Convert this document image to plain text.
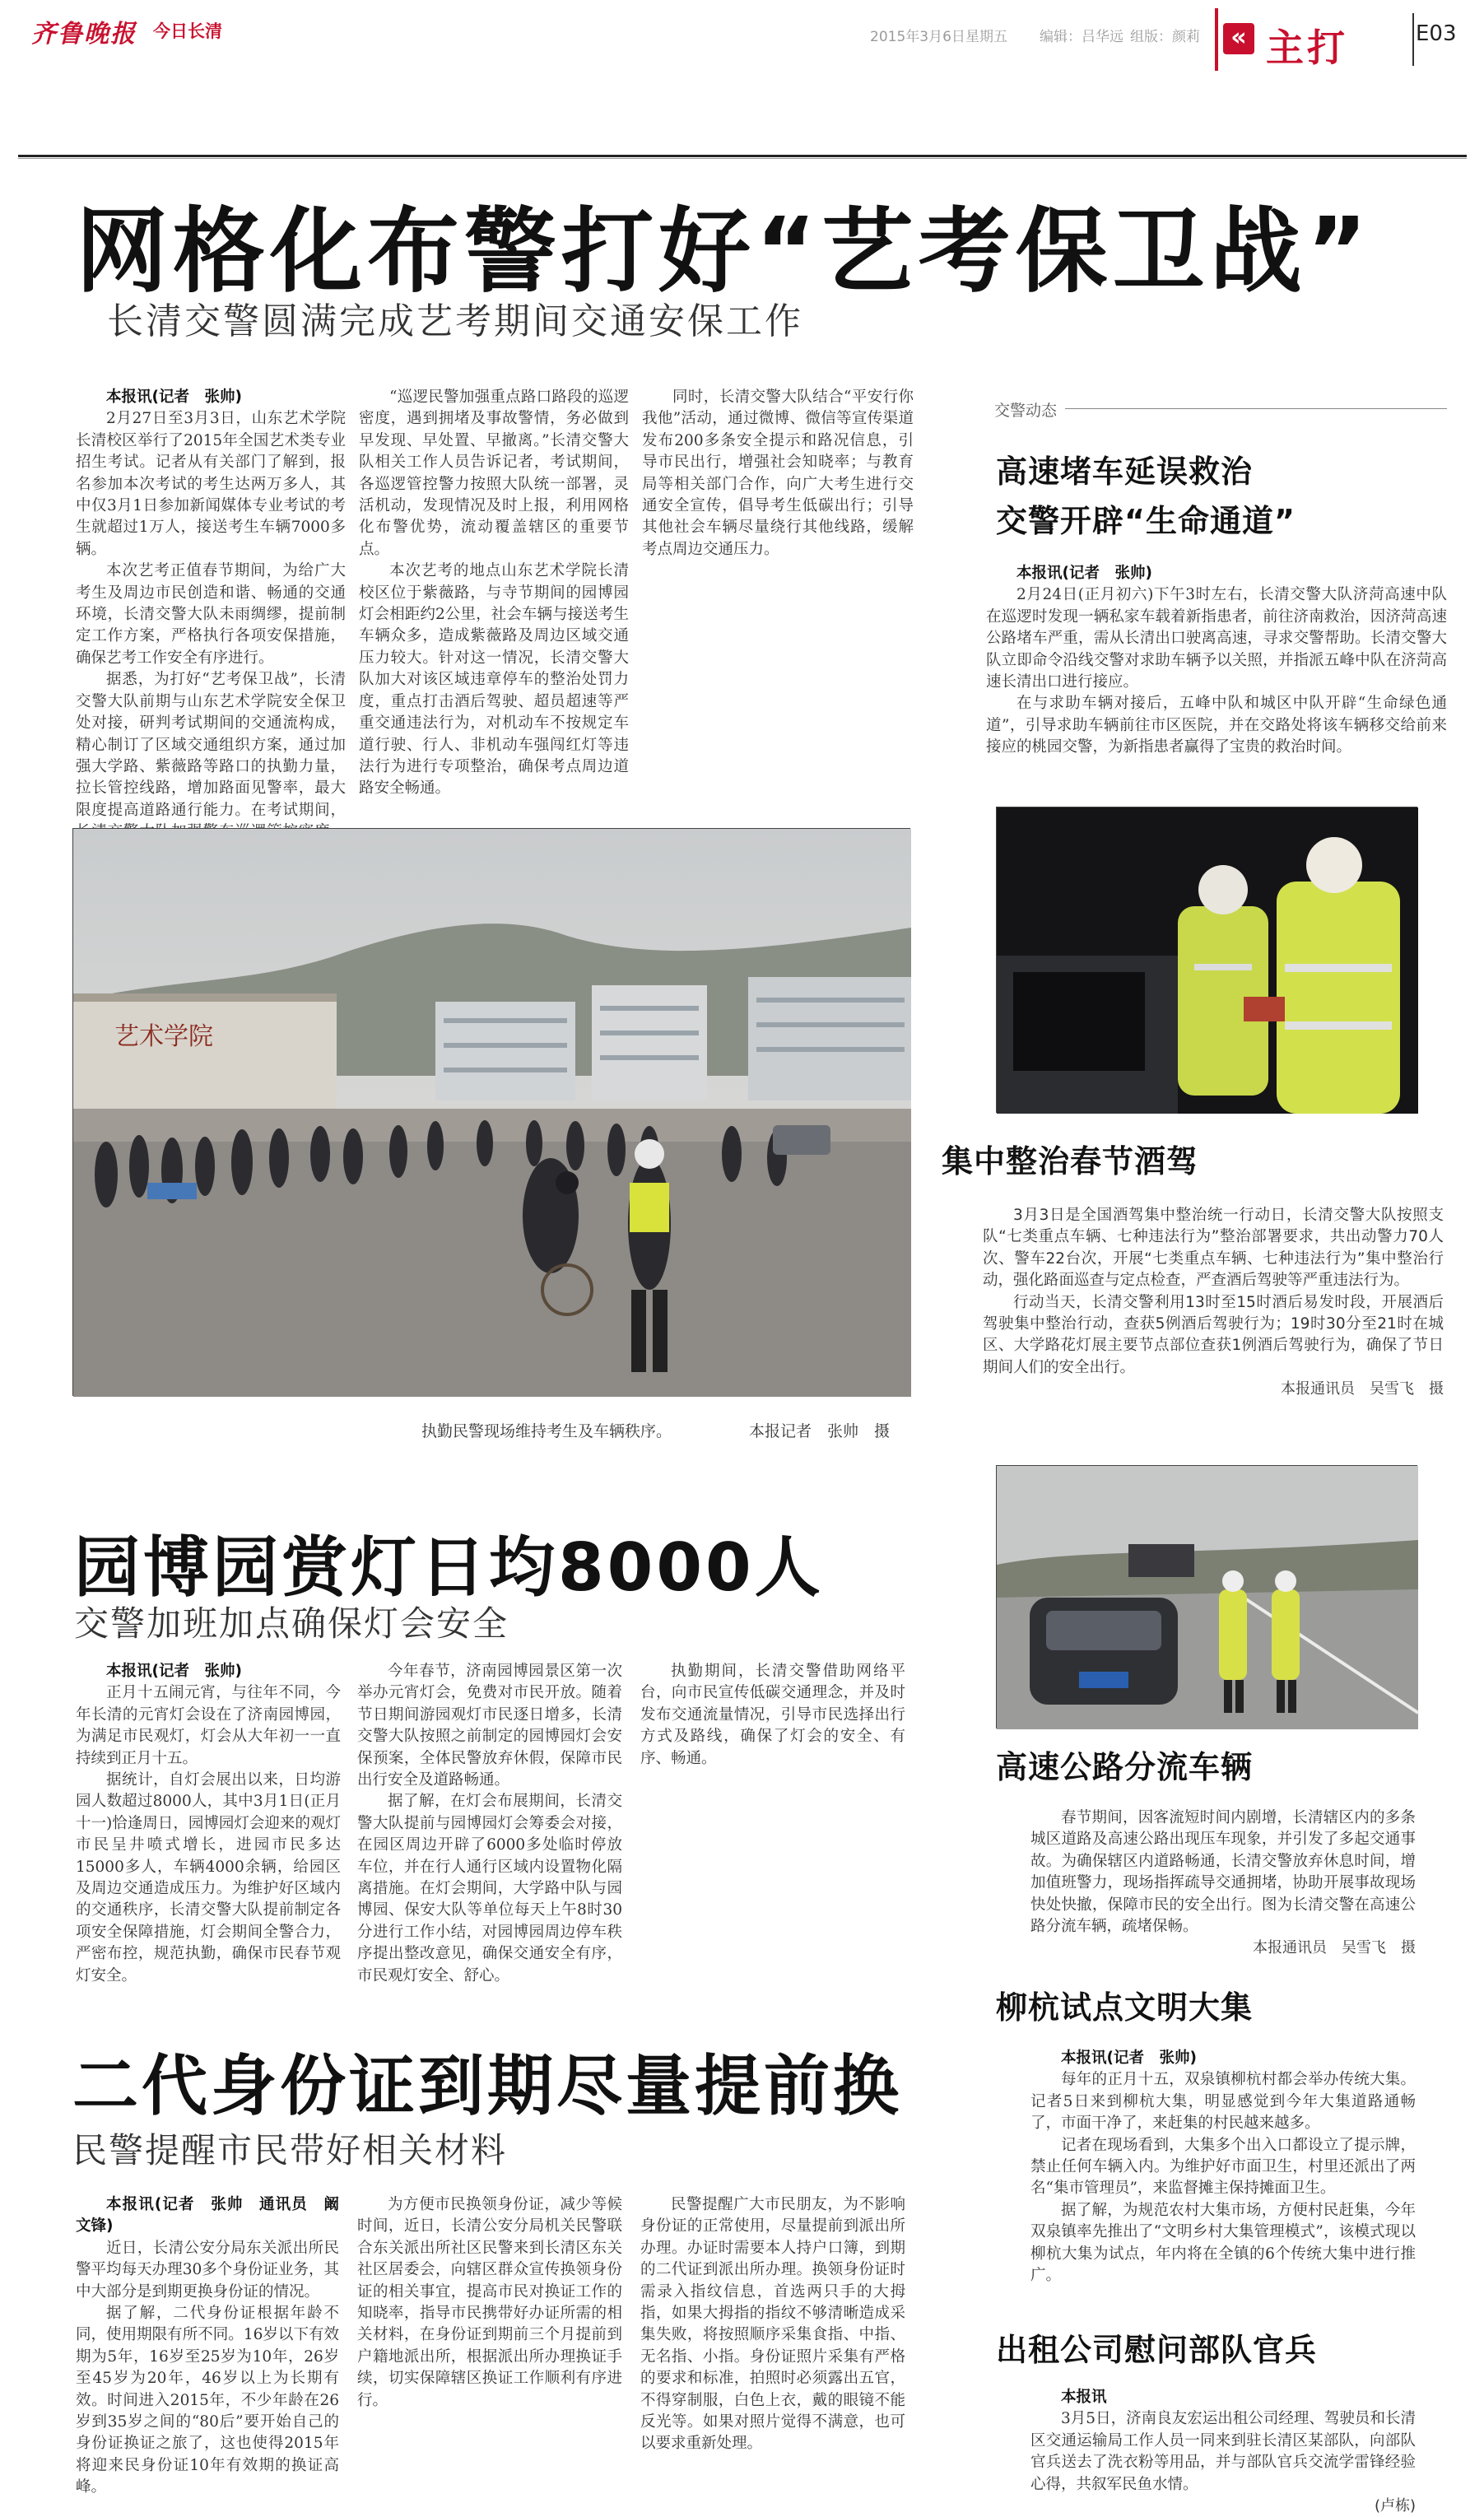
齐鲁晚报 今日长清	2015年3月6日 星期五 编辑：吕华远 组版：颜莉	« 主打	E03
网格化布警打好“艺考保卫战”
长清交警圆满完成艺考期间交通安保工作

本报讯(记者　张帅)

2月27日至3月3日，山东艺术学院长清校区举行了2015年全国艺术类专业招生考试。记者从有关部门了解到，报名参加本次考试的考生达两万多人，其中仅3月1日参加新闻媒体专业考试的考生就超过1万人，接送考生车辆7000多辆。

本次艺考正值春节期间，为给广大考生及周边市民创造和谐、畅通的交通环境，长清交警大队未雨绸缪，提前制定工作方案，严格执行各项安保措施，确保艺考工作安全有序进行。

据悉，为打好“艺考保卫战”，长清交警大队前期与山东艺术学院安全保卫处对接，研判考试期间的交通流构成，精心制订了区域交通组织方案，通过加强大学路、紫薇路等路口的执勤力量，拉长管控线路，增加路面见警率，最大限度提高道路通行能力。在考试期间，

“巡逻民警加强重点路口路段的巡逻密度，遇到拥堵及事故警情，务必做到早发现、早处置、早撤离。”长清交警大队相关工作人员告诉记者，考试期间，各巡逻管控警力按照大队统一部署，灵活机动，发现情况及时上报，利用网格化布警优势，流动覆盖辖区的重要节点。

本次艺考的地点山东艺术学院长清校区位于紫薇路，与寺节期间的园博园灯会相距约2公里，社会车辆与接送考生车辆众多，造成紫薇路及周边区域交通压力较大。针对这一情况，长清交警大队加大对该区域违章停车的整治处罚力度，重点打击酒后驾驶、超员超速等严重交通违法行为，对机动车不按规定车道行驶、行人、非机动车强闯红灯等违法行为进行专项整治，确保考点周边道路安全畅通。

同时，长清交警大队结合“平安行你我他”活动，通过微博、微信等宣传渠道发布200多条安全提示和路况信息，引导市民出行，增强社会知晓率；与教育局等相关部门合作，向广大考生进行交通安全宣传，倡导考生低碳出行；引导其他社会车辆尽量绕行其他线路，缓解考点周边交通压力。

艺术学院
执勤民警现场维持考生及车辆秩序。	本报记者　张帅　摄
园博园赏灯日均8000人
交警加班加点确保灯会安全

本报讯(记者　张帅)

正月十五闹元宵，与往年不同，今年长清的元宵灯会设在了济南园博园，为满足市民观灯，灯会从大年初一一直持续到正月十五。

据统计，自灯会展出以来，日均游园人数超过8000人，其中3月1日(正月十一)恰逢周日，园博园灯会迎来的观灯市民呈井喷式增长，进园市民多达15000多人，车辆4000余辆，给园区及周边交通造成压力。为维护好区域内的交通秩序，长清交警大队提前制定各项安全保障措施，灯会期间全警合力，严密布控，规范执勤，确保市民春节观灯安全。

今年春节，济南园博园景区第一次举办元宵灯会，免费对市民开放。随着节日期间游园观灯市民逐日增多，长清交警大队按照之前制定的园博园灯会安保预案，全体民警放弃休假，保障市民出行安全及道路畅通。

据了解，在灯会布展期间，长清交警大队提前与园博园灯会筹委会对接，在园区周边开辟了6000多处临时停放车位，并在行人通行区域内设置物化隔离措施。在灯会期间，大学路中队与园博园、保安大队等单位每天上午8时30分进行工作小结，对园博园周边停车秩序提出整改意见，确保交通安全有序，市民观灯安全、舒心。

执勤期间，长清交警借助网络平台，向市民宣传低碳交通理念，并及时发布交通流量情况，引导市民选择出行方式及路线，确保了灯会的安全、有序、畅通。

二代身份证到期尽量提前换
民警提醒市民带好相关材料

本报讯(记者　张帅　通讯员　阚文锋)

近日，长清公安分局东关派出所民警平均每天办理30多个身份证业务，其中大部分是到期更换身份证的情况。

据了解，二代身份证根据年龄不同，使用期限有所不同。16岁以下有效期为5年，16岁至25岁为10年，26岁至45岁为20年，46岁以上为长期有效。时间进入2015年，不少年龄在26岁到35岁之间的“80后”要开始自己的身份证换证之旅了，这也使得2015年将迎来民身份证10年有效期的换证高峰。

为方便市民换领身份证，减少等候时间，近日，长清公安分局机关民警联合东关派出所社区民警来到长清区东关社区居委会，向辖区群众宣传换领身份证的相关事宜，提高市民对换证工作的知晓率，指导市民携带好办证所需的相关材料，在身份证到期前三个月提前到户籍地派出所，根据派出所办理换证手续，切实保障辖区换证工作顺利有序进行。

民警提醒广大市民朋友，为不影响身份证的正常使用，尽量提前到派出所办理。办证时需要本人持户口簿，到期的二代证到派出所办理。换领身份证时需录入指纹信息，首选两只手的大拇指，如果大拇指的指纹不够清晰造成采集失败，将按照顺序采集食指、中指、无名指、小指。身份证照片采集有严格的要求和标准，拍照时必须露出五官，不得穿制服，白色上衣，戴的眼镜不能反光等。如果对照片觉得不满意，也可以要求重新处理。

交警动态
高速堵车延误救治
交警开辟“生命通道”

本报讯(记者　张帅)

2月24日(正月初六)下午3时左右，长清交警大队济菏高速中队在巡逻时发现一辆私家车载着新指患者，前往济南救治，因济菏高速公路堵车严重，需从长清出口驶离高速，寻求交警帮助。长清交警大队立即命令沿线交警对求助车辆予以关照，并指派五峰中队在济菏高速长清出口进行接应。

在与求助车辆对接后，五峰中队和城区中队开辟“生命绿色通道”，引导求助车辆前往市区医院，并在交路处将该车辆移交给前来接应的桃园交警，为新指患者赢得了宝贵的救治时间。

集中整治春节酒驾

3月3日是全国酒驾集中整治统一行动日，长清交警大队按照支队“七类重点车辆、七种违法行为”整治部署要求，共出动警力70人次、警车22台次，开展“七类重点车辆、七种违法行为”集中整治行动，强化路面巡查与定点检查，严查酒后驾驶等严重违法行为。

行动当天，长清交警利用13时至15时酒后易发时段，开展酒后驾驶集中整治行动，查获5例酒后驾驶行为；19时30分至21时在城区、大学路花灯展主要节点部位查获1例酒后驾驶行为，确保了节日期间人们的安全出行。

本报通讯员　吴雪飞　摄
高速公路分流车辆

春节期间，因客流短时间内剧增，长清辖区内的多条城区道路及高速公路出现压车现象，并引发了多起交通事故。为确保辖区内道路畅通，长清交警放弃休息时间，增加值班警力，现场指挥疏导交通拥堵，协助开展事故现场快处快撤，保障市民的安全出行。图为长清交警在高速公路分流车辆，疏堵保畅。

本报通讯员　吴雪飞　摄
柳杭试点文明大集

本报讯(记者　张帅)

每年的正月十五，双泉镇柳杭村都会举办传统大集。记者5日来到柳杭大集，明显感觉到今年大集道路通畅了，市面干净了，来赶集的村民越来越多。

记者在现场看到，大集多个出入口都设立了提示牌，禁止任何车辆入内。为维护好市面卫生，村里还派出了两名“集市管理员”，来监督摊主保持摊面卫生。

据了解，为规范农村大集市场，方便村民赶集，今年双泉镇率先推出了“文明乡村大集管理模式”，该模式现以柳杭大集为试点，年内将在全镇的6个传统大集中进行推广。

出租公司慰问部队官兵

本报讯

3月5日，济南良友宏运出租公司经理、驾驶员和长清区交通运输局工作人员一同来到驻长清区某部队，向部队官兵送去了洗衣粉等用品，并与部队官兵交流学雷锋经验心得，共叙军民鱼水情。

(卢栋)
